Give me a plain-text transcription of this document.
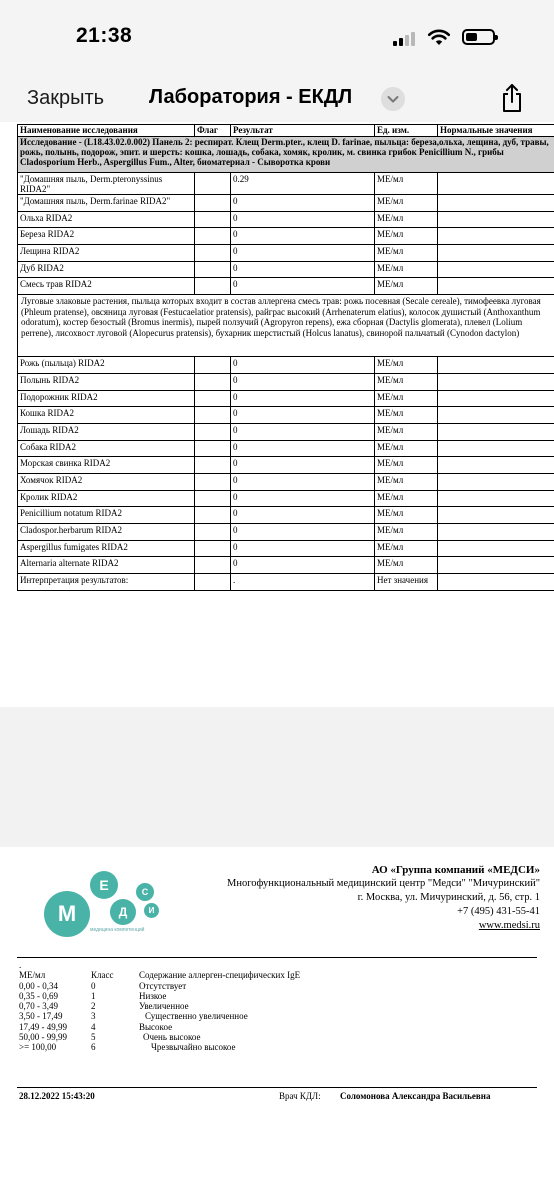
21:38
Закрыть Лаборатория - ЕКДЛ
Наименование исследования	Флаг	Результат	Ед. изм.	Нормальные значения
Исследование - (L18.43.02.0.002) Панель 2: респират. Клещ Derm.pter., клещ D. farinae, пыльца: береза,ольха, лещина, дуб, травы, рожь, полынь, подорож, эпит. и шерсть: кошка, лошадь, собака, хомяк, кролик, м. свинка грибок Penicillium N., грибы Cladosporium Herb., Aspergillus Fum., Alter, биоматериал - Сыворотка крови				
"Домашняя пыль, Derm.pteronyssinus RIDA2"		0.29	МЕ/мл	
"Домашняя пыль, Derm.farinae RIDA2"		0	МЕ/мл	
Ольха RIDA2		0	МЕ/мл	
Береза RIDA2		0	МЕ/мл	
Лещина RIDA2		0	МЕ/мл	
Дуб RIDA2		0	МЕ/мл	
Смесь трав RIDA2		0	МЕ/мл	
Луговые злаковые растения, пыльца которых входит в состав аллергена смесь трав: рожь посевная (Secale cereale), тимофеевка луговая (Phleum pratense), овсяница луговая (Festucaelatior pratensis), райграс высокий (Arrhenaterum elatius), колосок душистый (Anthoxanthum odoratum), костер безостый (Bromus inermis), пырей ползучий (Agropyron repens), ежа сборная (Dactylis glomerata), плевел (Lolium perrene), лисохвост луговой (Alopecurus pratensis), бухарник шерстистый (Holcus lanatus), свинорой пальчатый (Cynodon dactylon)				
Рожь (пыльца) RIDA2		0	МЕ/мл	
Полынь RIDA2		0	МЕ/мл	
Подорожник RIDA2		0	МЕ/мл	
Кошка RIDA2		0	МЕ/мл	
Лошадь RIDA2		0	МЕ/мл	
Собака RIDA2		0	МЕ/мл	
Морская свинка RIDA2		0	МЕ/мл	
Хомячок RIDA2		0	МЕ/мл	
Кролик RIDA2		0	МЕ/мл	
Penicillium notatum RIDA2		0	МЕ/мл	
Cladospor.herbarum RIDA2		0	МЕ/мл	
Aspergillus fumigates RIDA2		0	МЕ/мл	
Alternaria alternate RIDA2		0	МЕ/мл	
Интерпретация результатов:		.	Нет значения	
М
Е
Д
С
И
медицина компетенций
АО «Группа компаний «МЕДСИ»
Многофункциональный медицинский центр "Медси" "Мичуринский"
г. Москва, ул. Мичуринский, д. 56, стр. 1
+7 (495) 431-55-41
www.medsi.ru
.
МЕ/мл	Класс	Содержание аллерген-специфических IgE
0,00 - 0,34	0	Отсутствует
0,35 - 0,69	1	Низкое
0,70 - 3,49	2	Увеличенное
3,50 - 17,49	3	Существенно увеличенное
17,49 - 49,99	4	Высокое
50,00 - 99,99	5	Очень высокое
>= 100,00	6	Чрезвычайно высокое
28.12.2022 15:43:20	Врач КДЛ: Соломонова Александра Васильевна
